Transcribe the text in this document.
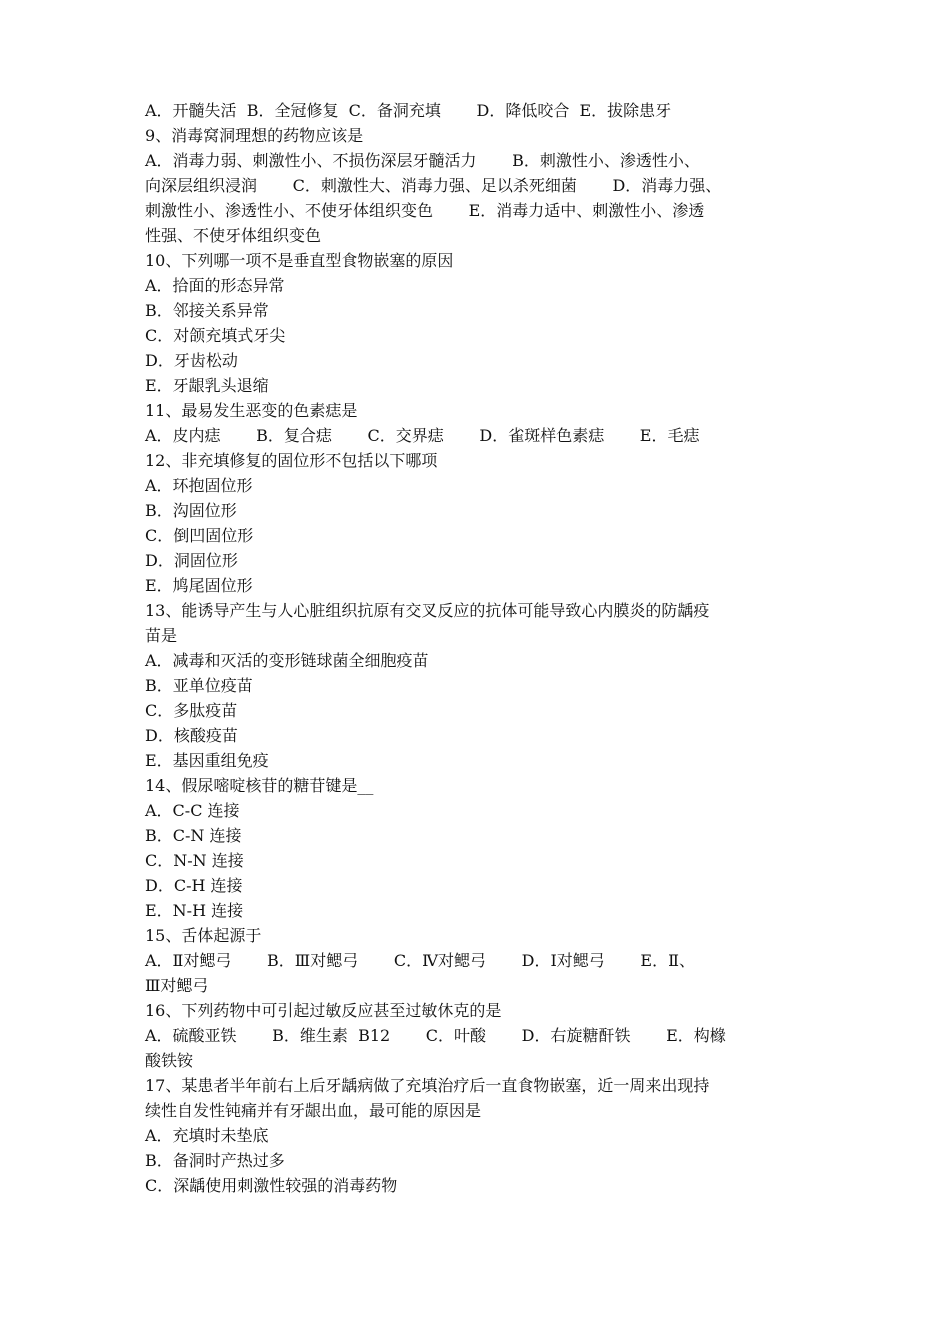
A．开髓失活  B．全冠修复  C．备洞充填       D．降低咬合  E．拔除患牙
9、消毒窝洞理想的药物应该是
A．消毒力弱、刺激性小、不损伤深层牙髓活力       B．刺激性小、渗透性小、
向深层组织浸润       C．刺激性大、消毒力强、足以杀死细菌       D．消毒力强、
刺激性小、渗透性小、不使牙体组织变色       E．消毒力适中、刺激性小、渗透
性强、不使牙体组织变色
10、下列哪一项不是垂直型食物嵌塞的原因
A．拾面的形态异常
B．邻接关系异常
C．对颌充填式牙尖
D．牙齿松动
E．牙龈乳头退缩
11、最易发生恶变的色素痣是
A．皮内痣       B．复合痣       C．交界痣       D．雀斑样色素痣       E．毛痣
12、非充填修复的固位形不包括以下哪项
A．环抱固位形
B．沟固位形
C．倒凹固位形
D．洞固位形
E．鸠尾固位形
13、能诱导产生与人心脏组织抗原有交叉反应的抗体可能导致心内膜炎的防龋疫
苗是
A．减毒和灭活的变形链球菌全细胞疫苗
B．亚单位疫苗
C．多肽疫苗
D．核酸疫苗
E．基因重组免疫
14、假尿嘧啶核苷的糖苷键是__
A．C-C 连接
B．C-N 连接
C．N-N 连接
D．C-H 连接
E．N-H 连接
15、舌体起源于
A．Ⅱ对鳃弓       B．Ⅲ对鳃弓       C．Ⅳ对鳃弓       D．Ⅰ对鳃弓       E．Ⅱ、
Ⅲ对鳃弓
16、下列药物中可引起过敏反应甚至过敏休克的是
A．硫酸亚铁       B．维生素  B12       C．叶酸       D．右旋糖酐铁       E．构橼
酸铁铵
17、某患者半年前右上后牙龋病做了充填治疗后一直食物嵌塞，近一周来出现持
续性自发性钝痛并有牙龈出血，最可能的原因是
A．充填时未垫底
B．备洞时产热过多
C．深龋使用刺激性较强的消毒药物
